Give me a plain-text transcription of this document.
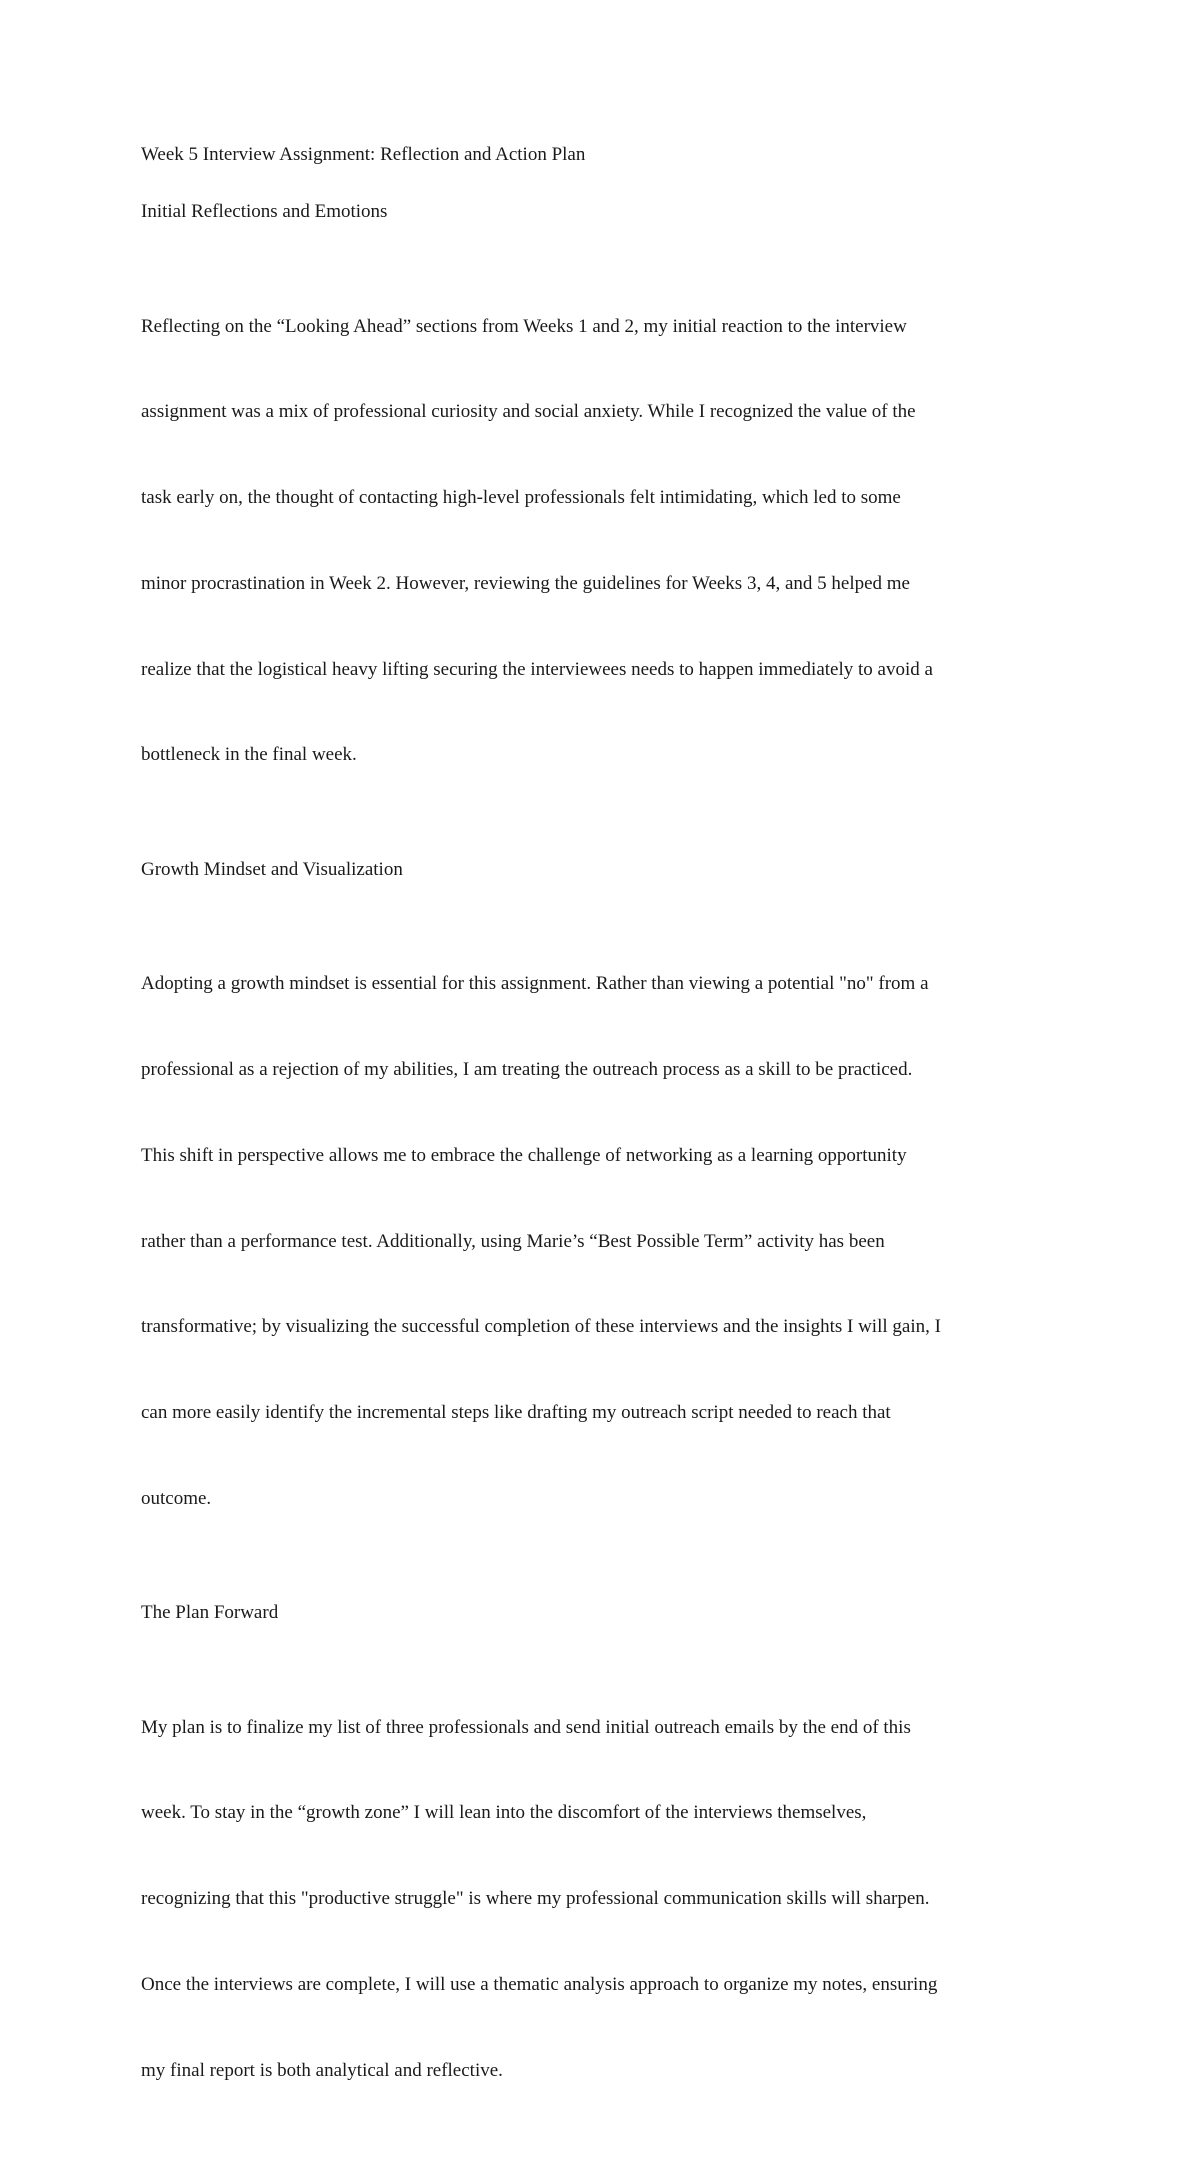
Week 5 Interview Assignment: Reflection and Action Plan

Initial Reflections and Emotions

Reflecting on the “Looking Ahead” sections from Weeks 1 and 2, my initial reaction to the interview

assignment was a mix of professional curiosity and social anxiety. While I recognized the value of the

task early on, the thought of contacting high-level professionals felt intimidating, which led to some

minor procrastination in Week 2. However, reviewing the guidelines for Weeks 3, 4, and 5 helped me

realize that the logistical heavy lifting securing the interviewees needs to happen immediately to avoid a

bottleneck in the final week.

Growth Mindset and Visualization

Adopting a growth mindset is essential for this assignment. Rather than viewing a potential "no" from a

professional as a rejection of my abilities, I am treating the outreach process as a skill to be practiced.

This shift in perspective allows me to embrace the challenge of networking as a learning opportunity

rather than a performance test. Additionally, using Marie’s “Best Possible Term” activity has been

transformative; by visualizing the successful completion of these interviews and the insights I will gain, I

can more easily identify the incremental steps like drafting my outreach script needed to reach that

outcome.

The Plan Forward

My plan is to finalize my list of three professionals and send initial outreach emails by the end of this

week. To stay in the “growth zone” I will lean into the discomfort of the interviews themselves,

recognizing that this "productive struggle" is where my professional communication skills will sharpen.

Once the interviews are complete, I will use a thematic analysis approach to organize my notes, ensuring

my final report is both analytical and reflective.
